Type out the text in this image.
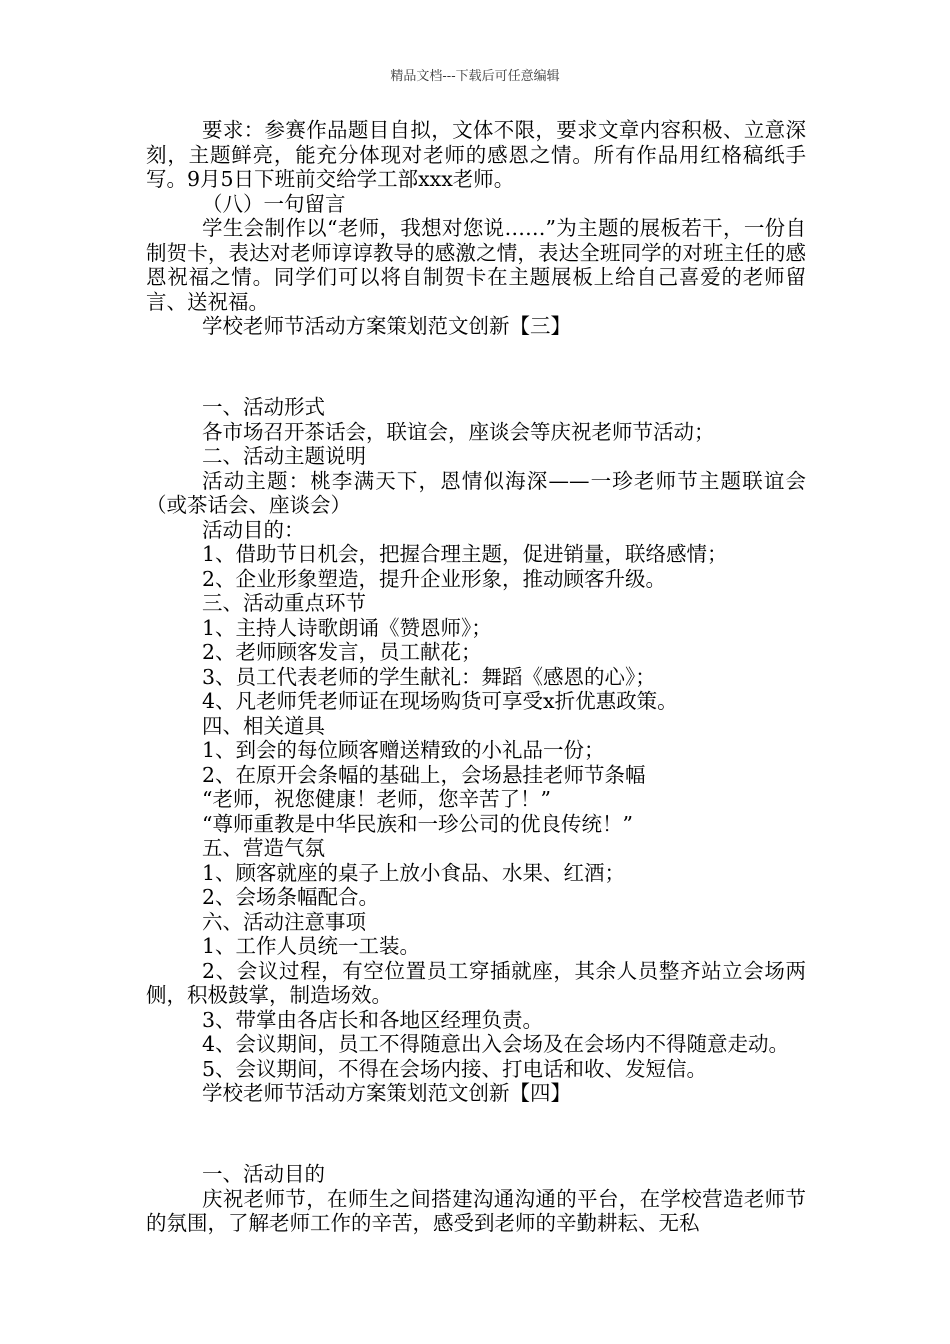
精品文档---下载后可任意编辑

要求：参赛作品题目自拟，文体不限，要求文章内容积极、立意深刻，主题鲜亮，能充分体现对老师的感恩之情。所有作品用红格稿纸手写。9月5日下班前交给学工部xxx老师。

（八）一句留言

学生会制作以“老师，我想对您说……”为主题的展板若干，一份自制贺卡，表达对老师谆谆教导的感激之情，表达全班同学的对班主任的感恩祝福之情。同学们可以将自制贺卡在主题展板上给自己喜爱的老师留言、送祝福。

学校老师节活动方案策划范文创新【三】

一、活动形式

各市场召开茶话会，联谊会，座谈会等庆祝老师节活动；

二、活动主题说明

活动主题：桃李满天下，恩情似海深——一珍老师节主题联谊会（或茶话会、座谈会）

活动目的：

1、借助节日机会，把握合理主题，促进销量，联络感情；

2、企业形象塑造，提升企业形象，推动顾客升级。

三、活动重点环节

1、主持人诗歌朗诵《赞恩师》；

2、老师顾客发言，员工献花；

3、员工代表老师的学生献礼：舞蹈《感恩的心》；

4、凡老师凭老师证在现场购货可享受x折优惠政策。

四、相关道具

1、到会的每位顾客赠送精致的小礼品一份；

2、在原开会条幅的基础上，会场悬挂老师节条幅

“老师，祝您健康！老师，您辛苦了！”

“尊师重教是中华民族和一珍公司的优良传统！”

五、营造气氛

1、顾客就座的桌子上放小食品、水果、红酒；

2、会场条幅配合。

六、活动注意事项

1、工作人员统一工装。

2、会议过程，有空位置员工穿插就座，其余人员整齐站立会场两侧，积极鼓掌，制造场效。

3、带掌由各店长和各地区经理负责。

4、会议期间，员工不得随意出入会场及在会场内不得随意走动。

5、会议期间，不得在会场内接、打电话和收、发短信。

学校老师节活动方案策划范文创新【四】

一、活动目的

庆祝老师节，在师生之间搭建沟通沟通的平台，在学校营造老师节的氛围，了解老师工作的辛苦，感受到老师的辛勤耕耘、无私
